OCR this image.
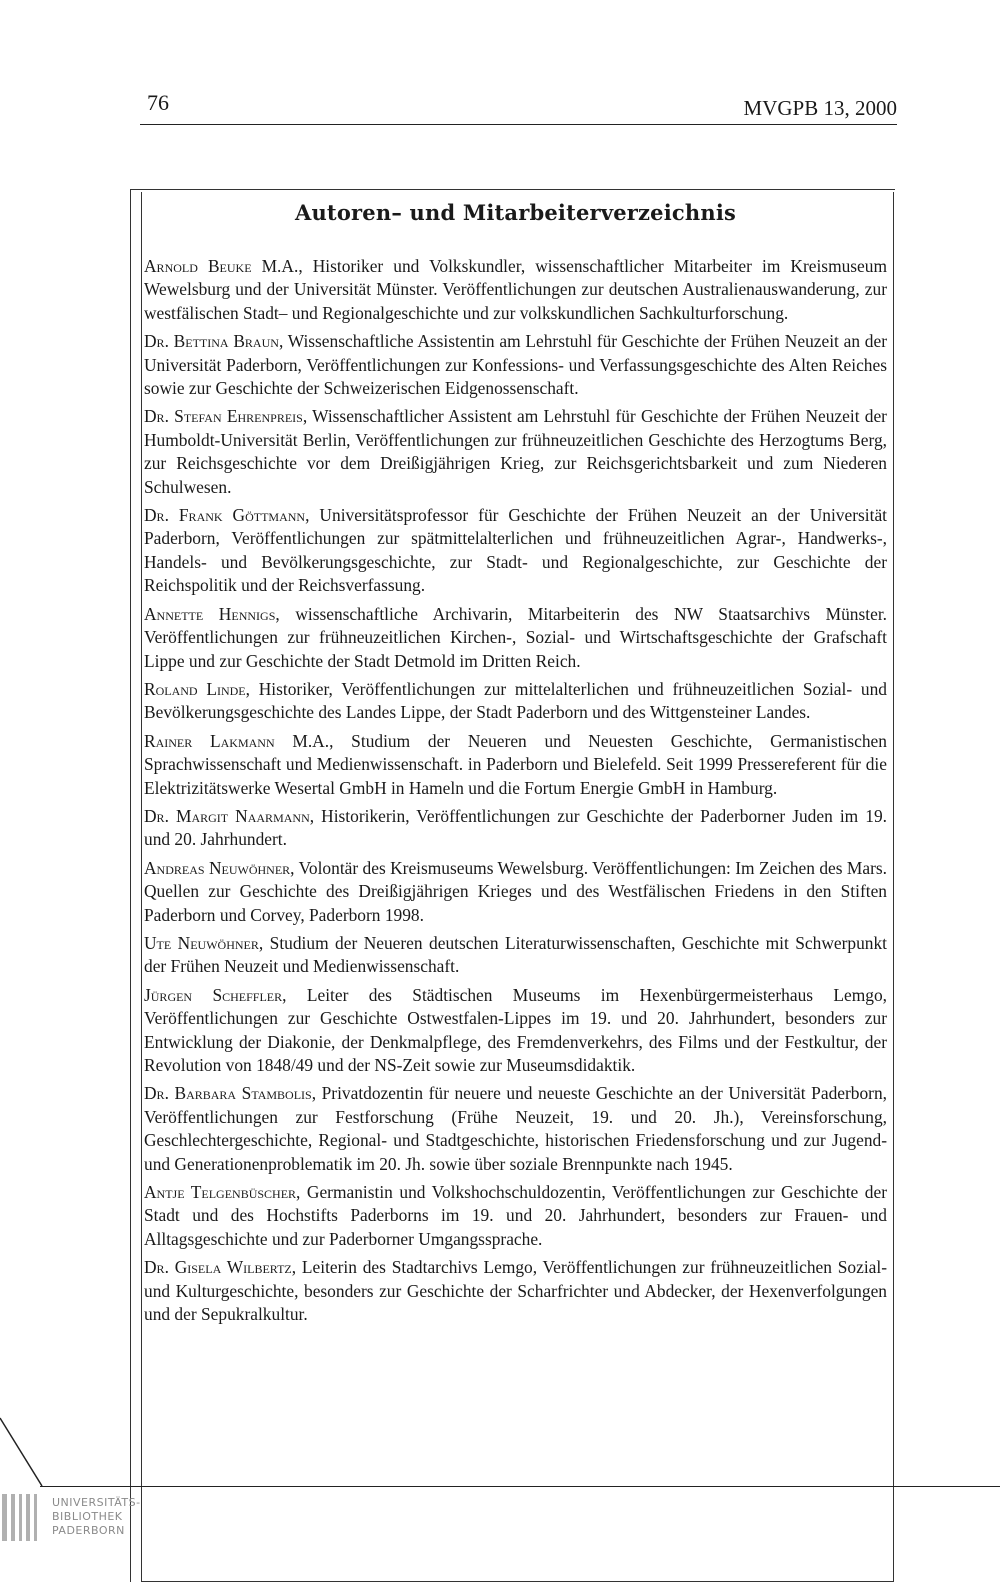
76	MVGPB 13, 2000
Autoren– und Mitarbeiterverzeichnis

Arnold Beuke M.A., Historiker und Volkskundler, wissenschaftlicher Mitarbeiter im Kreismuseum Wewelsburg und der Universität Münster. Veröffentlichungen zur deutschen Australienauswanderung, zur westfälischen Stadt– und Regionalgeschichte und zur volkskundlichen Sachkulturforschung.

Dr. Bettina Braun, Wissenschaftliche Assistentin am Lehrstuhl für Geschichte der Frühen Neuzeit an der Universität Paderborn, Veröffentlichungen zur Konfessions- und Verfassungsgeschichte des Alten Reiches sowie zur Geschichte der Schweizerischen Eidgenossenschaft.

Dr. Stefan Ehrenpreis, Wissenschaftlicher Assistent am Lehrstuhl für Geschichte der Frühen Neuzeit der Humboldt-Universität Berlin, Veröffentlichungen zur frühneuzeitlichen Geschichte des Herzogtums Berg, zur Reichsgeschichte vor dem Dreißigjährigen Krieg, zur Reichsgerichtsbarkeit und zum Niederen Schulwesen.

Dr. Frank Göttmann, Universitätsprofessor für Geschichte der Frühen Neuzeit an der Universität Paderborn, Veröffentlichungen zur spätmittelalterlichen und frühneuzeitlichen Agrar-, Handwerks-, Handels- und Bevölkerungsgeschichte, zur Stadt- und Regionalgeschichte, zur Geschichte der Reichspolitik und der Reichsverfassung.

Annette Hennigs, wissenschaftliche Archivarin, Mitarbeiterin des NW Staatsarchivs Münster. Veröffentlichungen zur frühneuzeitlichen Kirchen-, Sozial- und Wirtschaftsgeschichte der Grafschaft Lippe und zur Geschichte der Stadt Detmold im Dritten Reich.

Roland Linde, Historiker, Veröffentlichungen zur mittelalterlichen und frühneuzeitlichen Sozial- und Bevölkerungsgeschichte des Landes Lippe, der Stadt Paderborn und des Wittgensteiner Landes.

Rainer Lakmann M.A., Studium der Neueren und Neuesten Geschichte, Germanistischen Sprachwissenschaft und Medienwissenschaft. in Paderborn und Bielefeld. Seit 1999 Pressereferent für die Elektrizitätswerke Wesertal GmbH in Hameln und die Fortum Energie GmbH in Hamburg.

Dr. Margit Naarmann, Historikerin, Veröffentlichungen zur Geschichte der Paderborner Juden im 19. und 20. Jahrhundert.

Andreas Neuwöhner, Volontär des Kreismuseums Wewelsburg. Veröffentlichungen: Im Zeichen des Mars. Quellen zur Geschichte des Dreißigjährigen Krieges und des Westfälischen Friedens in den Stiften Paderborn und Corvey, Paderborn 1998.

Ute Neuwöhner, Studium der Neueren deutschen Literaturwissenschaften, Geschichte mit Schwerpunkt der Frühen Neuzeit und Medienwissenschaft.

Jürgen Scheffler, Leiter des Städtischen Museums im Hexenbürgermeisterhaus Lemgo, Veröffentlichungen zur Geschichte Ostwestfalen-Lippes im 19. und 20. Jahrhundert, besonders zur Entwicklung der Diakonie, der Denkmalpflege, des Fremdenverkehrs, des Films und der Festkultur, der Revolution von 1848/49 und der NS-Zeit sowie zur Museumsdidaktik.

Dr. Barbara Stambolis, Privatdozentin für neuere und neueste Geschichte an der Universität Paderborn, Veröffentlichungen zur Festforschung (Frühe Neuzeit, 19. und 20. Jh.), Vereinsforschung, Geschlechtergeschichte, Regional- und Stadtgeschichte, historischen Friedensforschung und zur Jugend- und Generationenproblematik im 20. Jh. sowie über soziale Brennpunkte nach 1945.

Antje Telgenbüscher, Germanistin und Volkshochschuldozentin, Veröffentlichungen zur Geschichte der Stadt und des Hochstifts Paderborns im 19. und 20. Jahrhundert, besonders zur Frauen- und Alltagsgeschichte und zur Paderborner Umgangssprache.

Dr. Gisela Wilbertz, Leiterin des Stadtarchivs Lemgo, Veröffentlichungen zur frühneuzeitlichen Sozial- und Kulturgeschichte, besonders zur Geschichte der Scharfrichter und Abdecker, der Hexenverfolgungen und der Sepukralkultur.

UNIVERSITÄTS-
BIBLIOTHEK
PADERBORN
